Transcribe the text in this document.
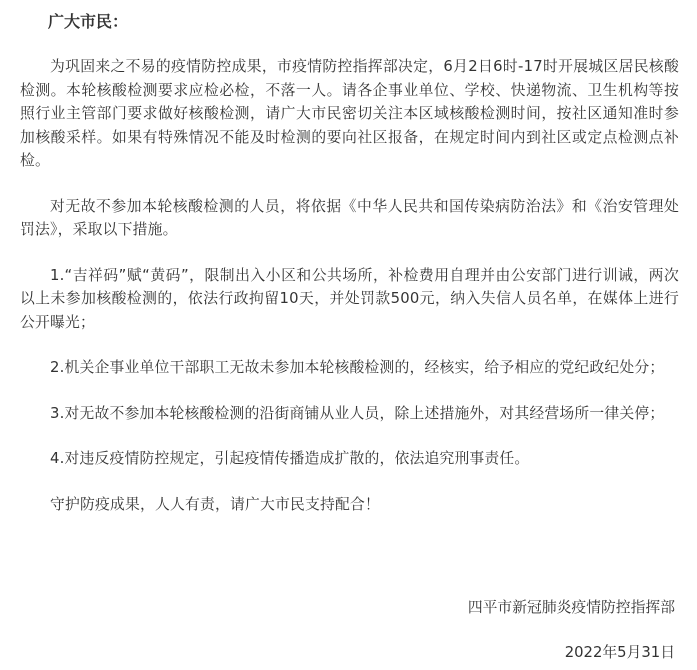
广大市民：

为巩固来之不易的疫情防控成果，市疫情防控指挥部决定，6月2日6时-17时开展城区居民核酸检测。本轮核酸检测要求应检必检，不落一人。请各企事业单位、学校、快递物流、卫生机构等按照行业主管部门要求做好核酸检测，请广大市民密切关注本区域核酸检测时间，按社区通知准时参加核酸采样。如果有特殊情况不能及时检测的要向社区报备，在规定时间内到社区或定点检测点补检。

对无故不参加本轮核酸检测的人员，将依据《中华人民共和国传染病防治法》和《治安管理处罚法》，采取以下措施。

1.“吉祥码”赋“黄码”，限制出入小区和公共场所，补检费用自理并由公安部门进行训诫，两次以上未参加核酸检测的，依法行政拘留10天，并处罚款500元，纳入失信人员名单，在媒体上进行公开曝光；

2.机关企事业单位干部职工无故未参加本轮核酸检测的，经核实，给予相应的党纪政纪处分；

3.对无故不参加本轮核酸检测的沿街商铺从业人员，除上述措施外，对其经营场所一律关停；

4.对违反疫情防控规定，引起疫情传播造成扩散的，依法追究刑事责任。

守护防疫成果，人人有责，请广大市民支持配合！

四平市新冠肺炎疫情防控指挥部
2022年5月31日
